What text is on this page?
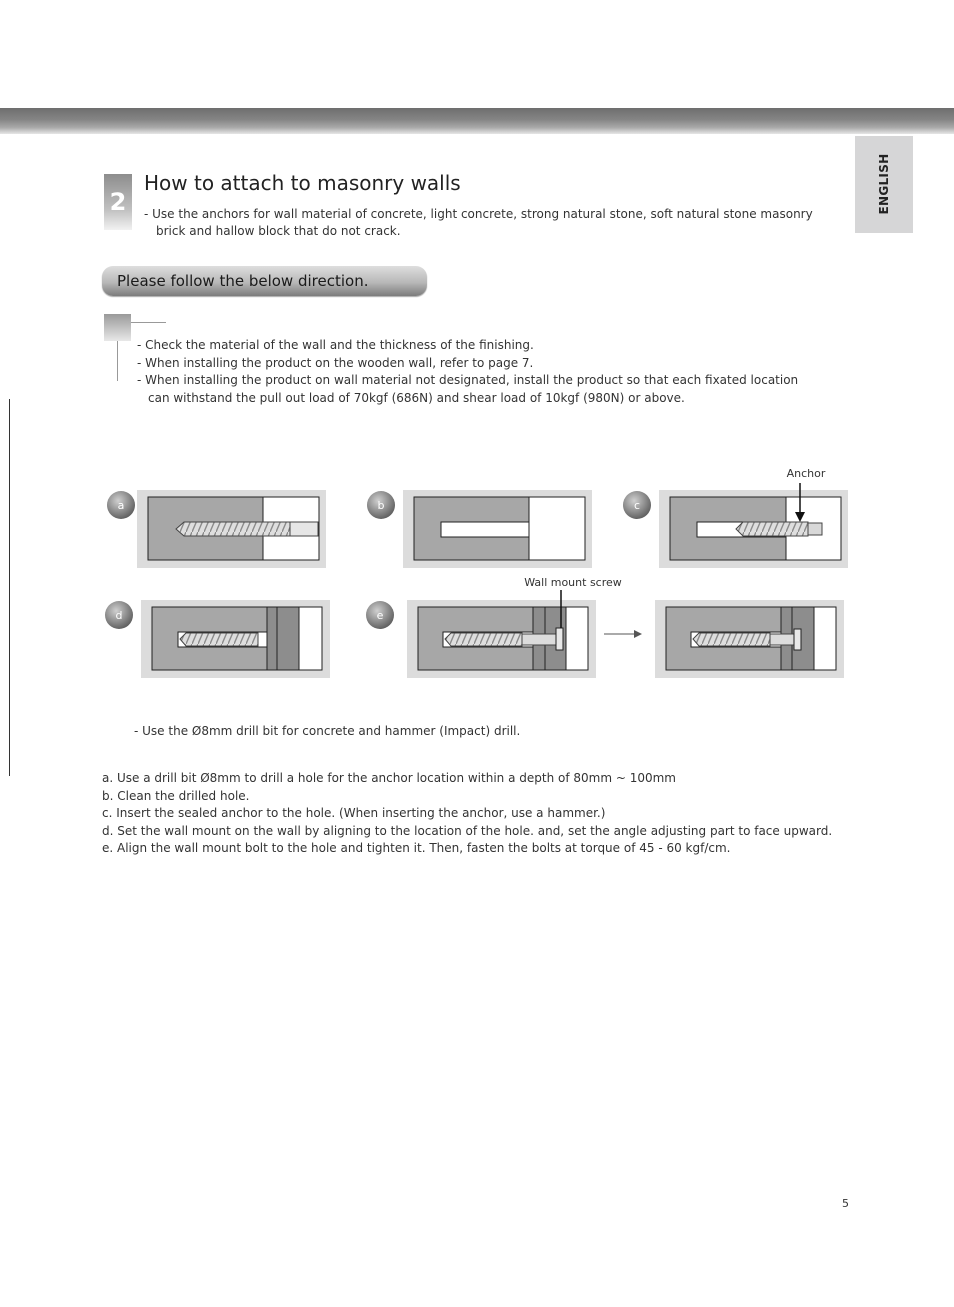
ENGLISH
2
How to attach to masonry walls
- Use the anchors for wall material of concrete, light concrete, strong natural stone, soft natural stone masonry
brick and hallow block that do not crack.
Please follow the below direction.
- Check the material of the wall and the thickness of the finishing.
- When installing the product on the wooden wall, refer to page 7.
- When installing the product on wall material not designated, install the product so that each fixated location
can withstand the pull out load of 70kgf (686N) and shear load of 10kgf (980N) or above.
a	b
Anchor
c
d
Wall mount screw
e
- Use the Ø8mm drill bit for concrete and hammer (Impact) drill.
a. Use a drill bit Ø8mm to drill a hole for the anchor location within a depth of 80mm ~ 100mm
b. Clean the drilled hole.
c. Insert the sealed anchor to the hole. (When inserting the anchor, use a hammer.)
d. Set the wall mount on the wall by aligning to the location of the hole. and, set the angle adjusting part to face upward.
e. Align the wall mount bolt to the hole and tighten it. Then, fasten the bolts at torque of 45 - 60 kgf/cm.
5
